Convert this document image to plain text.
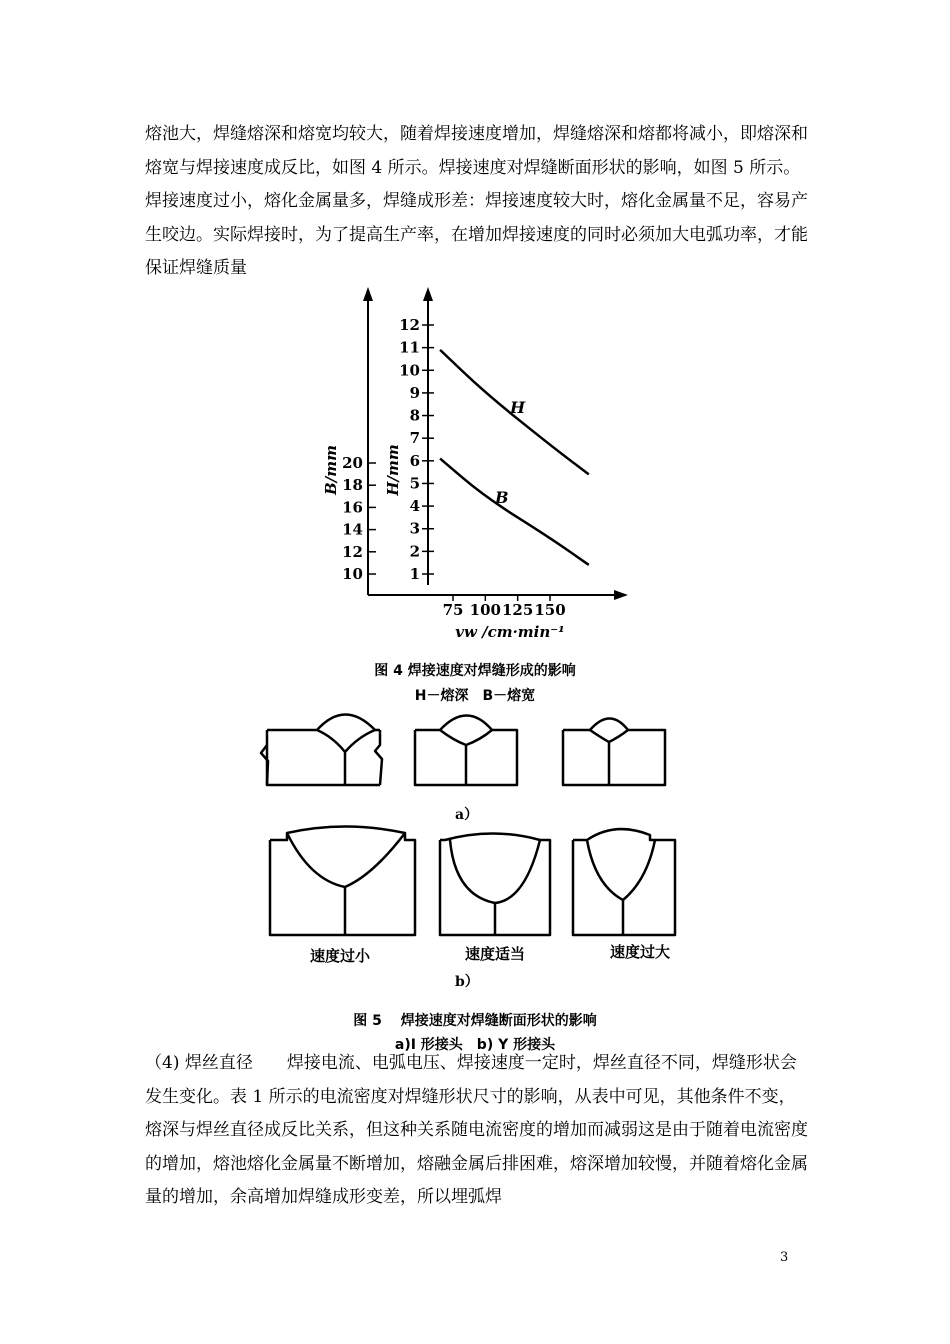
熔池大，焊缝熔深和熔宽均较大，随着焊接速度增加，焊缝熔深和熔都将减小，即熔深和熔宽与焊接速度成反比，如图 4 所示。焊接速度对焊缝断面形状的影响，如图 5 所示。焊接速度过小，熔化金属量多，焊缝成形差：焊接速度较大时，熔化金属量不足，容易产生咬边。实际焊接时，为了提高生产率，在增加焊接速度的同时必须加大电弧功率，才能保证焊缝质量

75 100 125 150
1
2
3
4
5
6
7
8
9
10
11
12
10
12
14
16
18
20
H
B
B/mm	H/mm
vw /cm·min⁻¹
图 4 焊接速度对焊缝形成的影响
H－熔深　B－熔宽
a）
速度过小	速度适当	速度过大
b）
图 5　 焊接速度对焊缝断面形状的影响
a)I 形接头　b) Y 形接头

（4) 焊丝直径　　焊接电流、电弧电压、焊接速度一定时，焊丝直径不同，焊缝形状会发生变化。表 1 所示的电流密度对焊缝形状尺寸的影响，从表中可见，其他条件不变，熔深与焊丝直径成反比关系，但这种关系随电流密度的增加而减弱这是由于随着电流密度的增加，熔池熔化金属量不断增加，熔融金属后排困难，熔深增加较慢，并随着熔化金属量的增加，余高增加焊缝成形变差，所以埋弧焊

3
